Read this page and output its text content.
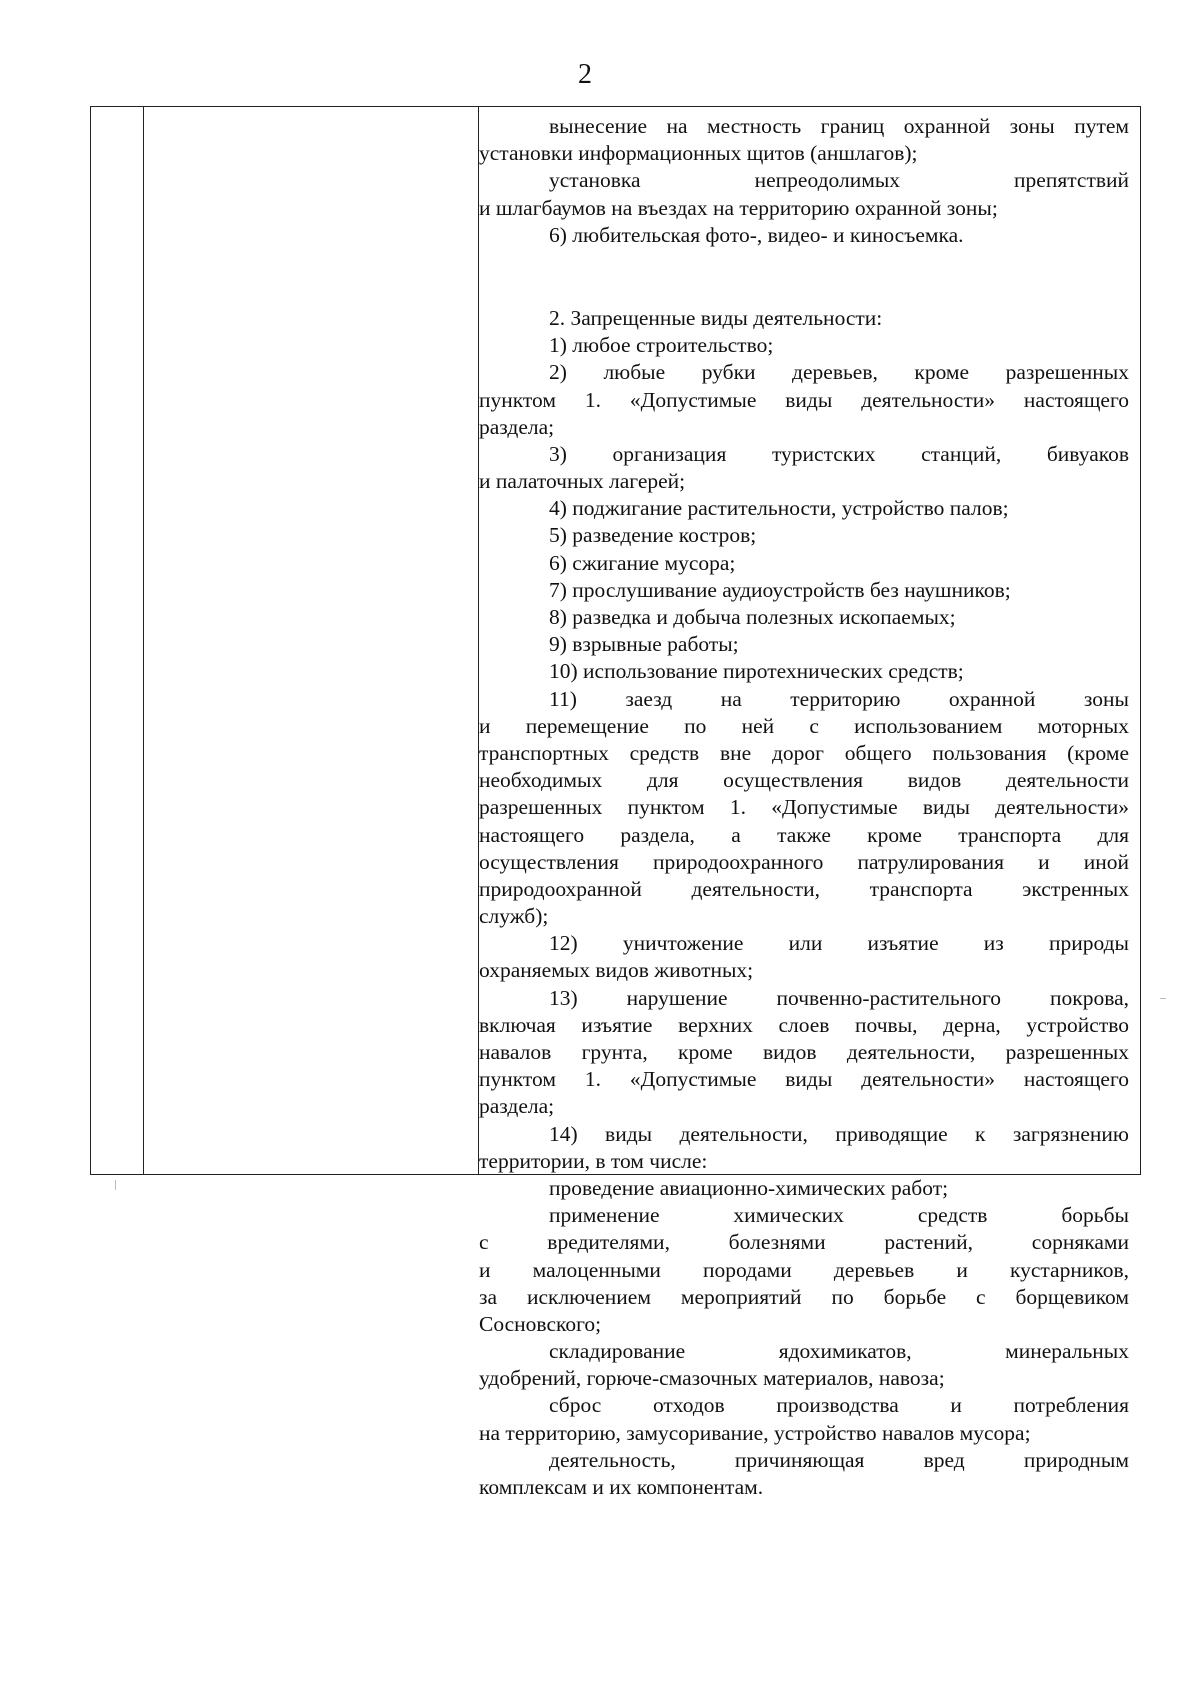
2
вынесение на местность границ охранной зоны путем
установки информационных щитов (аншлагов);
установка непреодолимых препятствий
и шлагбаумов на въездах на территорию охранной зоны;
6) любительская фото-, видео- и киносъемка.
2. Запрещенные виды деятельности:
1) любое строительство;
2) любые рубки деревьев, кроме разрешенных
пунктом 1. «Допустимые виды деятельности» настоящего
раздела;
3) организация туристских станций, бивуаков
и палаточных лагерей;
4) поджигание растительности, устройство палов;
5) разведение костров;
6) сжигание мусора;
7) прослушивание аудиоустройств без наушников;
8) разведка и добыча полезных ископаемых;
9) взрывные работы;
10) использование пиротехнических средств;
11) заезд на территорию охранной зоны
и перемещение по ней с использованием моторных
транспортных средств вне дорог общего пользования (кроме
необходимых для осуществления видов деятельности
разрешенных пунктом 1. «Допустимые виды деятельности»
настоящего раздела, а также кроме транспорта для
осуществления природоохранного патрулирования и иной
природоохранной деятельности, транспорта экстренных
служб);
12) уничтожение или изъятие из природы
охраняемых видов животных;
13) нарушение почвенно-растительного покрова,
включая изъятие верхних слоев почвы, дерна, устройство
навалов грунта, кроме видов деятельности, разрешенных
пунктом 1. «Допустимые виды деятельности» настоящего
раздела;
14) виды деятельности, приводящие к загрязнению
территории, в том числе:
проведение авиационно-химических работ;
применение химических средств борьбы
с вредителями, болезнями растений, сорняками
и малоценными породами деревьев и кустарников,
за исключением мероприятий по борьбе с борщевиком
Сосновского;
складирование ядохимикатов, минеральных
удобрений, горюче-смазочных материалов, навоза;
сброс отходов производства и потребления
на территорию, замусоривание, устройство навалов мусора;
деятельность, причиняющая вред природным
комплексам и их компонентам.
